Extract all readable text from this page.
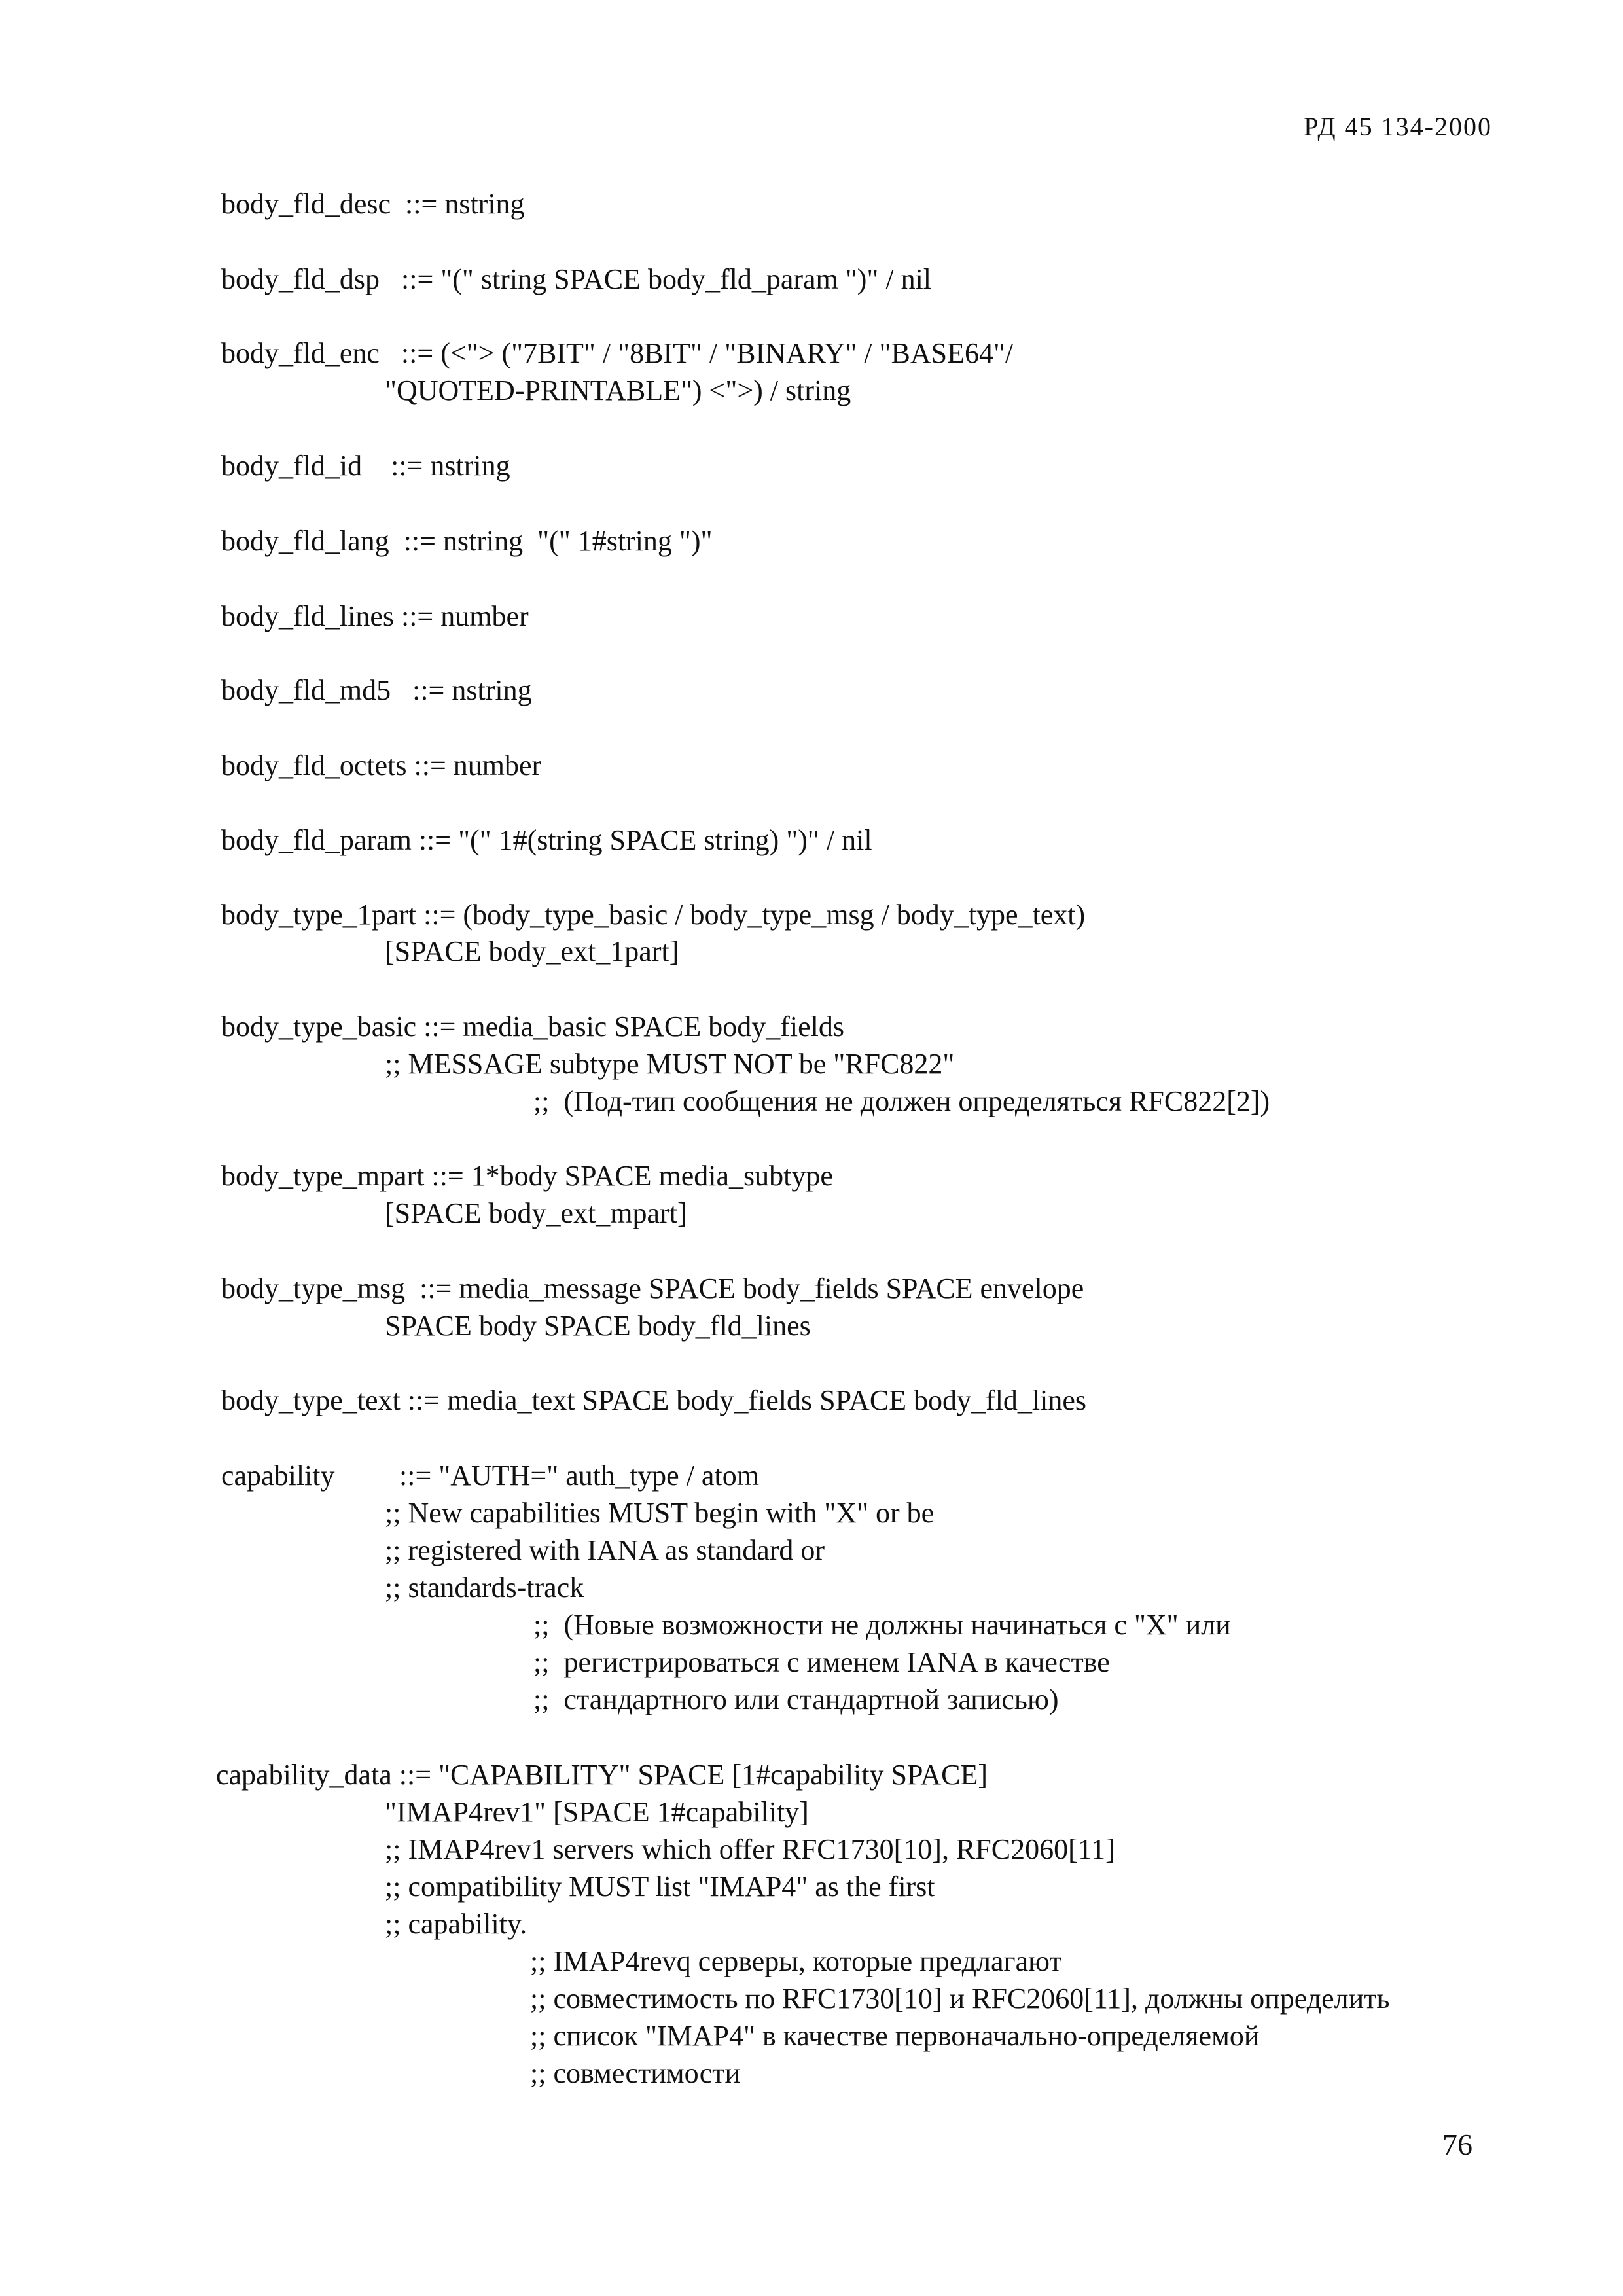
РД 45 134-2000
body_fld_desc  ::= nstring
body_fld_dsp   ::= "(" string SPACE body_fld_param ")" / nil
body_fld_enc   ::= (<"> ("7BIT" / "8BIT" / "BINARY" / "BASE64"/
"QUOTED-PRINTABLE") <">) / string
body_fld_id    ::= nstring
body_fld_lang  ::= nstring  "(" 1#string ")"
body_fld_lines ::= number
body_fld_md5   ::= nstring
body_fld_octets ::= number
body_fld_param ::= "(" 1#(string SPACE string) ")" / nil
body_type_1part ::= (body_type_basic / body_type_msg / body_type_text)
[SPACE body_ext_1part]
body_type_basic ::= media_basic SPACE body_fields
;; MESSAGE subtype MUST NOT be "RFC822"
;;  (Под-тип сообщения не должен определяться RFC822[2])
body_type_mpart ::= 1*body SPACE media_subtype
[SPACE body_ext_mpart]
body_type_msg  ::= media_message SPACE body_fields SPACE envelope
SPACE body SPACE body_fld_lines
body_type_text ::= media_text SPACE body_fields SPACE body_fld_lines
capability ::= "AUTH=" auth_type / atom
;; New capabilities MUST begin with "X" or be
;; registered with IANA as standard or
;; standards-track
;;  (Новые возможности не должны начинаться с "X" или
;;  регистрироваться с именем IANA в качестве
;;  стандартного или стандартной записью)
capability_data ::= "CAPABILITY" SPACE [1#capability SPACE]
"IMAP4rev1" [SPACE 1#capability]
;; IMAP4rev1 servers which offer RFC1730[10], RFC2060[11]
;; compatibility MUST list "IMAP4" as the first
;; capability.
;; IMAP4revq серверы, которые предлагают
;; совместимость по RFC1730[10] и RFC2060[11], должны определить
;; список "IMAP4" в качестве первоначально-определяемой
;; совместимости
76
